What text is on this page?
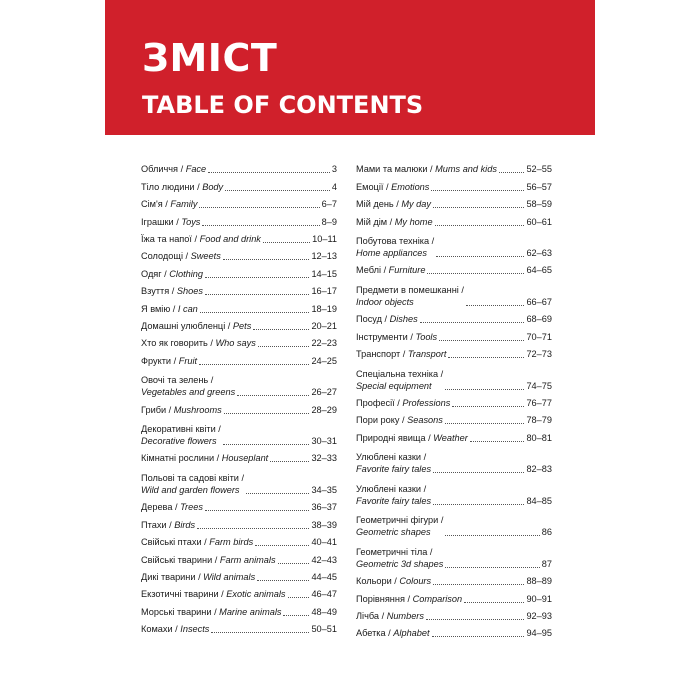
ЗМІСТ
TABLE OF CONTENTS
Обличчя / Face	3
Тіло людини / Body	4
Сім'я / Family	6–7
Іграшки / Toys	8–9
Їжа та напої / Food and drink	10–11
Солодощі / Sweets	12–13
Одяг / Clothing	14–15
Взуття / Shoes	16–17
Я вмію / I can	18–19
Домашні улюбленці / Pets	20–21
Хто як говорить / Who says	22–23
Фрукти / Fruit	24–25
Овочі та зелень /
Vegetables and greens	26–27
Гриби / Mushrooms	28–29
Декоративні квіти /
Decorative flowers	30–31
Кімнатні рослини / Houseplant	32–33
Польові та садові квіти /
Wild and garden flowers	34–35
Дерева / Trees	36–37
Птахи / Birds	38–39
Свійські птахи / Farm birds	40–41
Свійські тварини / Farm animals	42–43
Дикі тварини / Wild animals	44–45
Екзотичні тварини / Exotic animals	46–47
Морські тварини / Marine animals	48–49
Комахи / Insects	50–51
Мами та малюки / Mums and kids	52–55
Емоції / Emotions	56–57
Мій день / My day	58–59
Мій дім / My home	60–61
Побутова техніка /
Home appliances	62–63
Меблі / Furniture	64–65
Предмети в помешканні /
Indoor objects	66–67
Посуд / Dishes	68–69
Інструменти / Tools	70–71
Транспорт / Transport	72–73
Спеціальна техніка /
Special equipment	74–75
Професії / Professions	76–77
Пори року / Seasons	78–79
Природні явища / Weather	80–81
Улюблені казки /
Favorite fairy tales	82–83
Улюблені казки /
Favorite fairy tales	84–85
Геометричні фігури /
Geometric shapes	86
Геометричні тіла /
Geometric 3d shapes	87
Кольори / Colours	88–89
Порівняння / Comparison	90–91
Лічба / Numbers	92–93
Абетка / Alphabet	94–95
